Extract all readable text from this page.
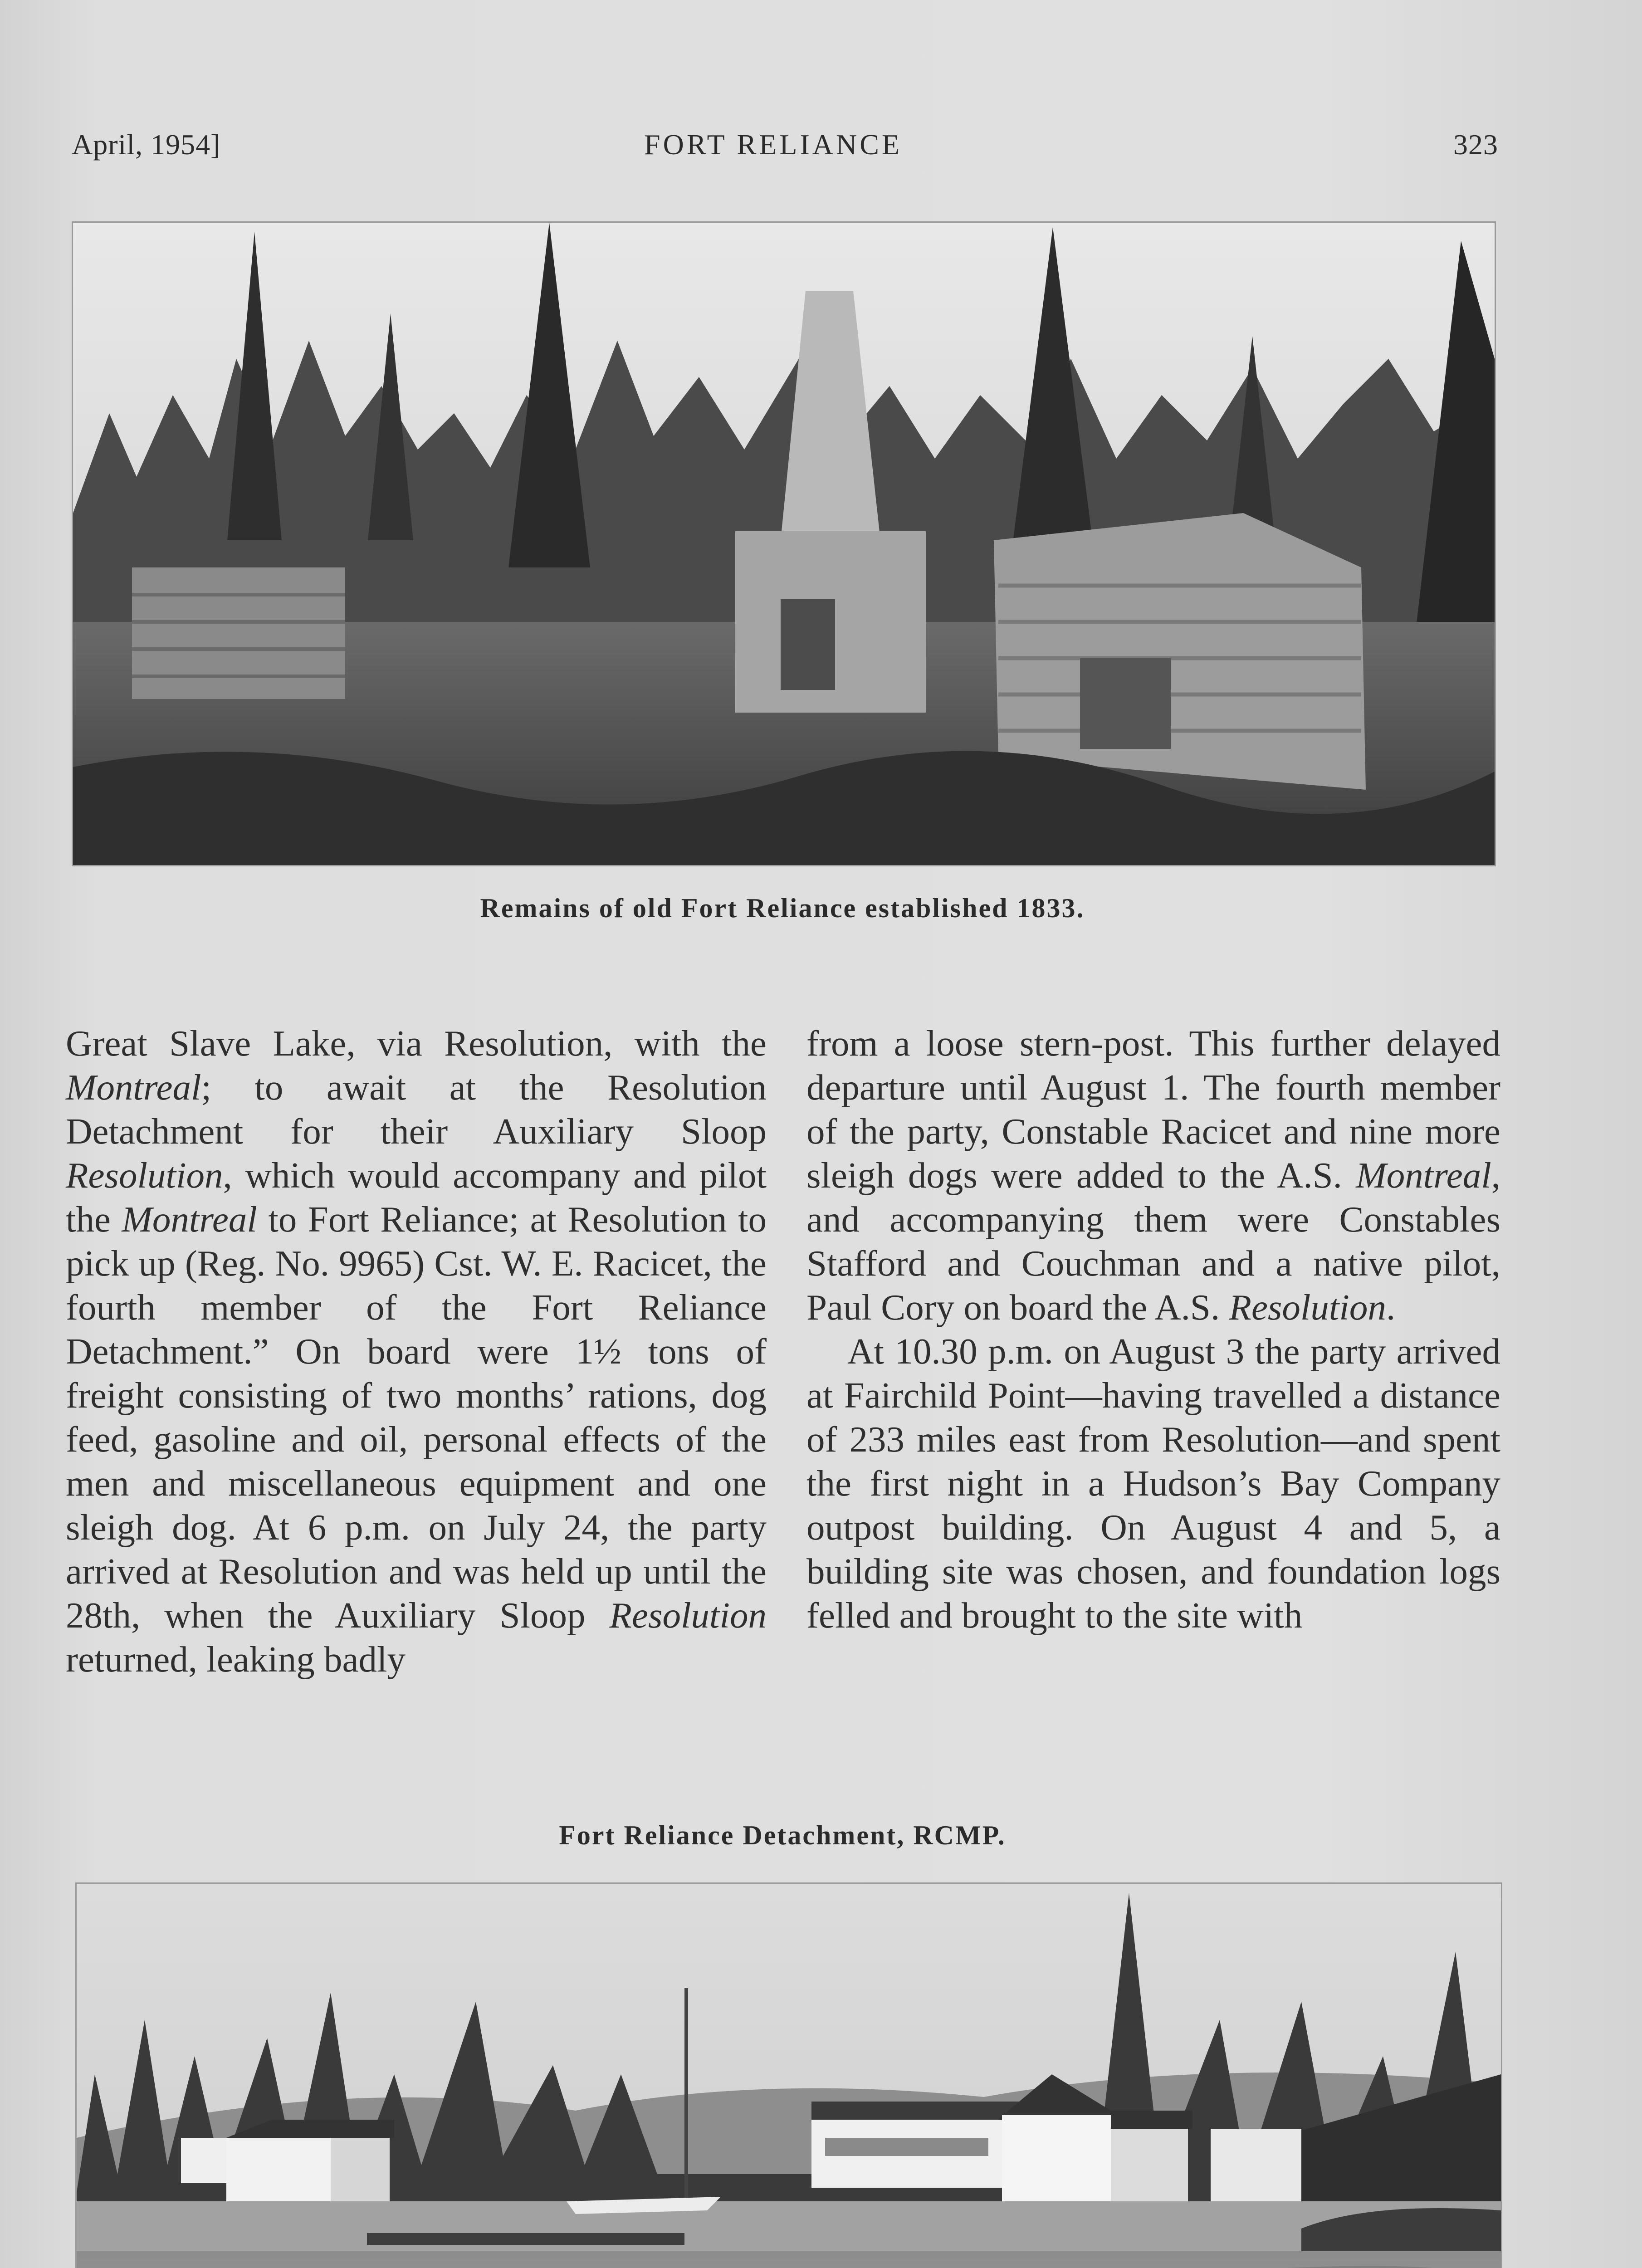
April, 1954]	FORT RELIANCE	323
Remains of old Fort Reliance established 1833.

Great Slave Lake, via Resolution, with the Montreal; to await at the Resolution Detachment for their Auxiliary Sloop Resolution, which would accompany and pilot the Montreal to Fort Reliance; at Resolution to pick up (Reg. No. 9965) Cst. W. E. Racicet, the fourth member of the Fort Reliance Detachment.” On board were 1½ tons of freight consisting of two months’ rations, dog feed, gasoline and oil, personal effects of the men and miscellaneous equipment and one sleigh dog. At 6 p.m. on July 24, the party arrived at Resolution and was held up until the 28th, when the Auxiliary Sloop Resolution returned, leaking badly

from a loose stern-post. This further delayed departure until August 1. The fourth member of the party, Constable Racicet and nine more sleigh dogs were added to the A.S. Montreal, and accompanying them were Constables Stafford and Couchman and a native pilot, Paul Cory on board the A.S. Resolution.

At 10.30 p.m. on August 3 the party arrived at Fairchild Point—having travelled a distance of 233 miles east from Resolution—and spent the first night in a Hudson’s Bay Company outpost building. On August 4 and 5, a building site was chosen, and foundation logs felled and brought to the site with

Fort Reliance Detachment, RCMP.
